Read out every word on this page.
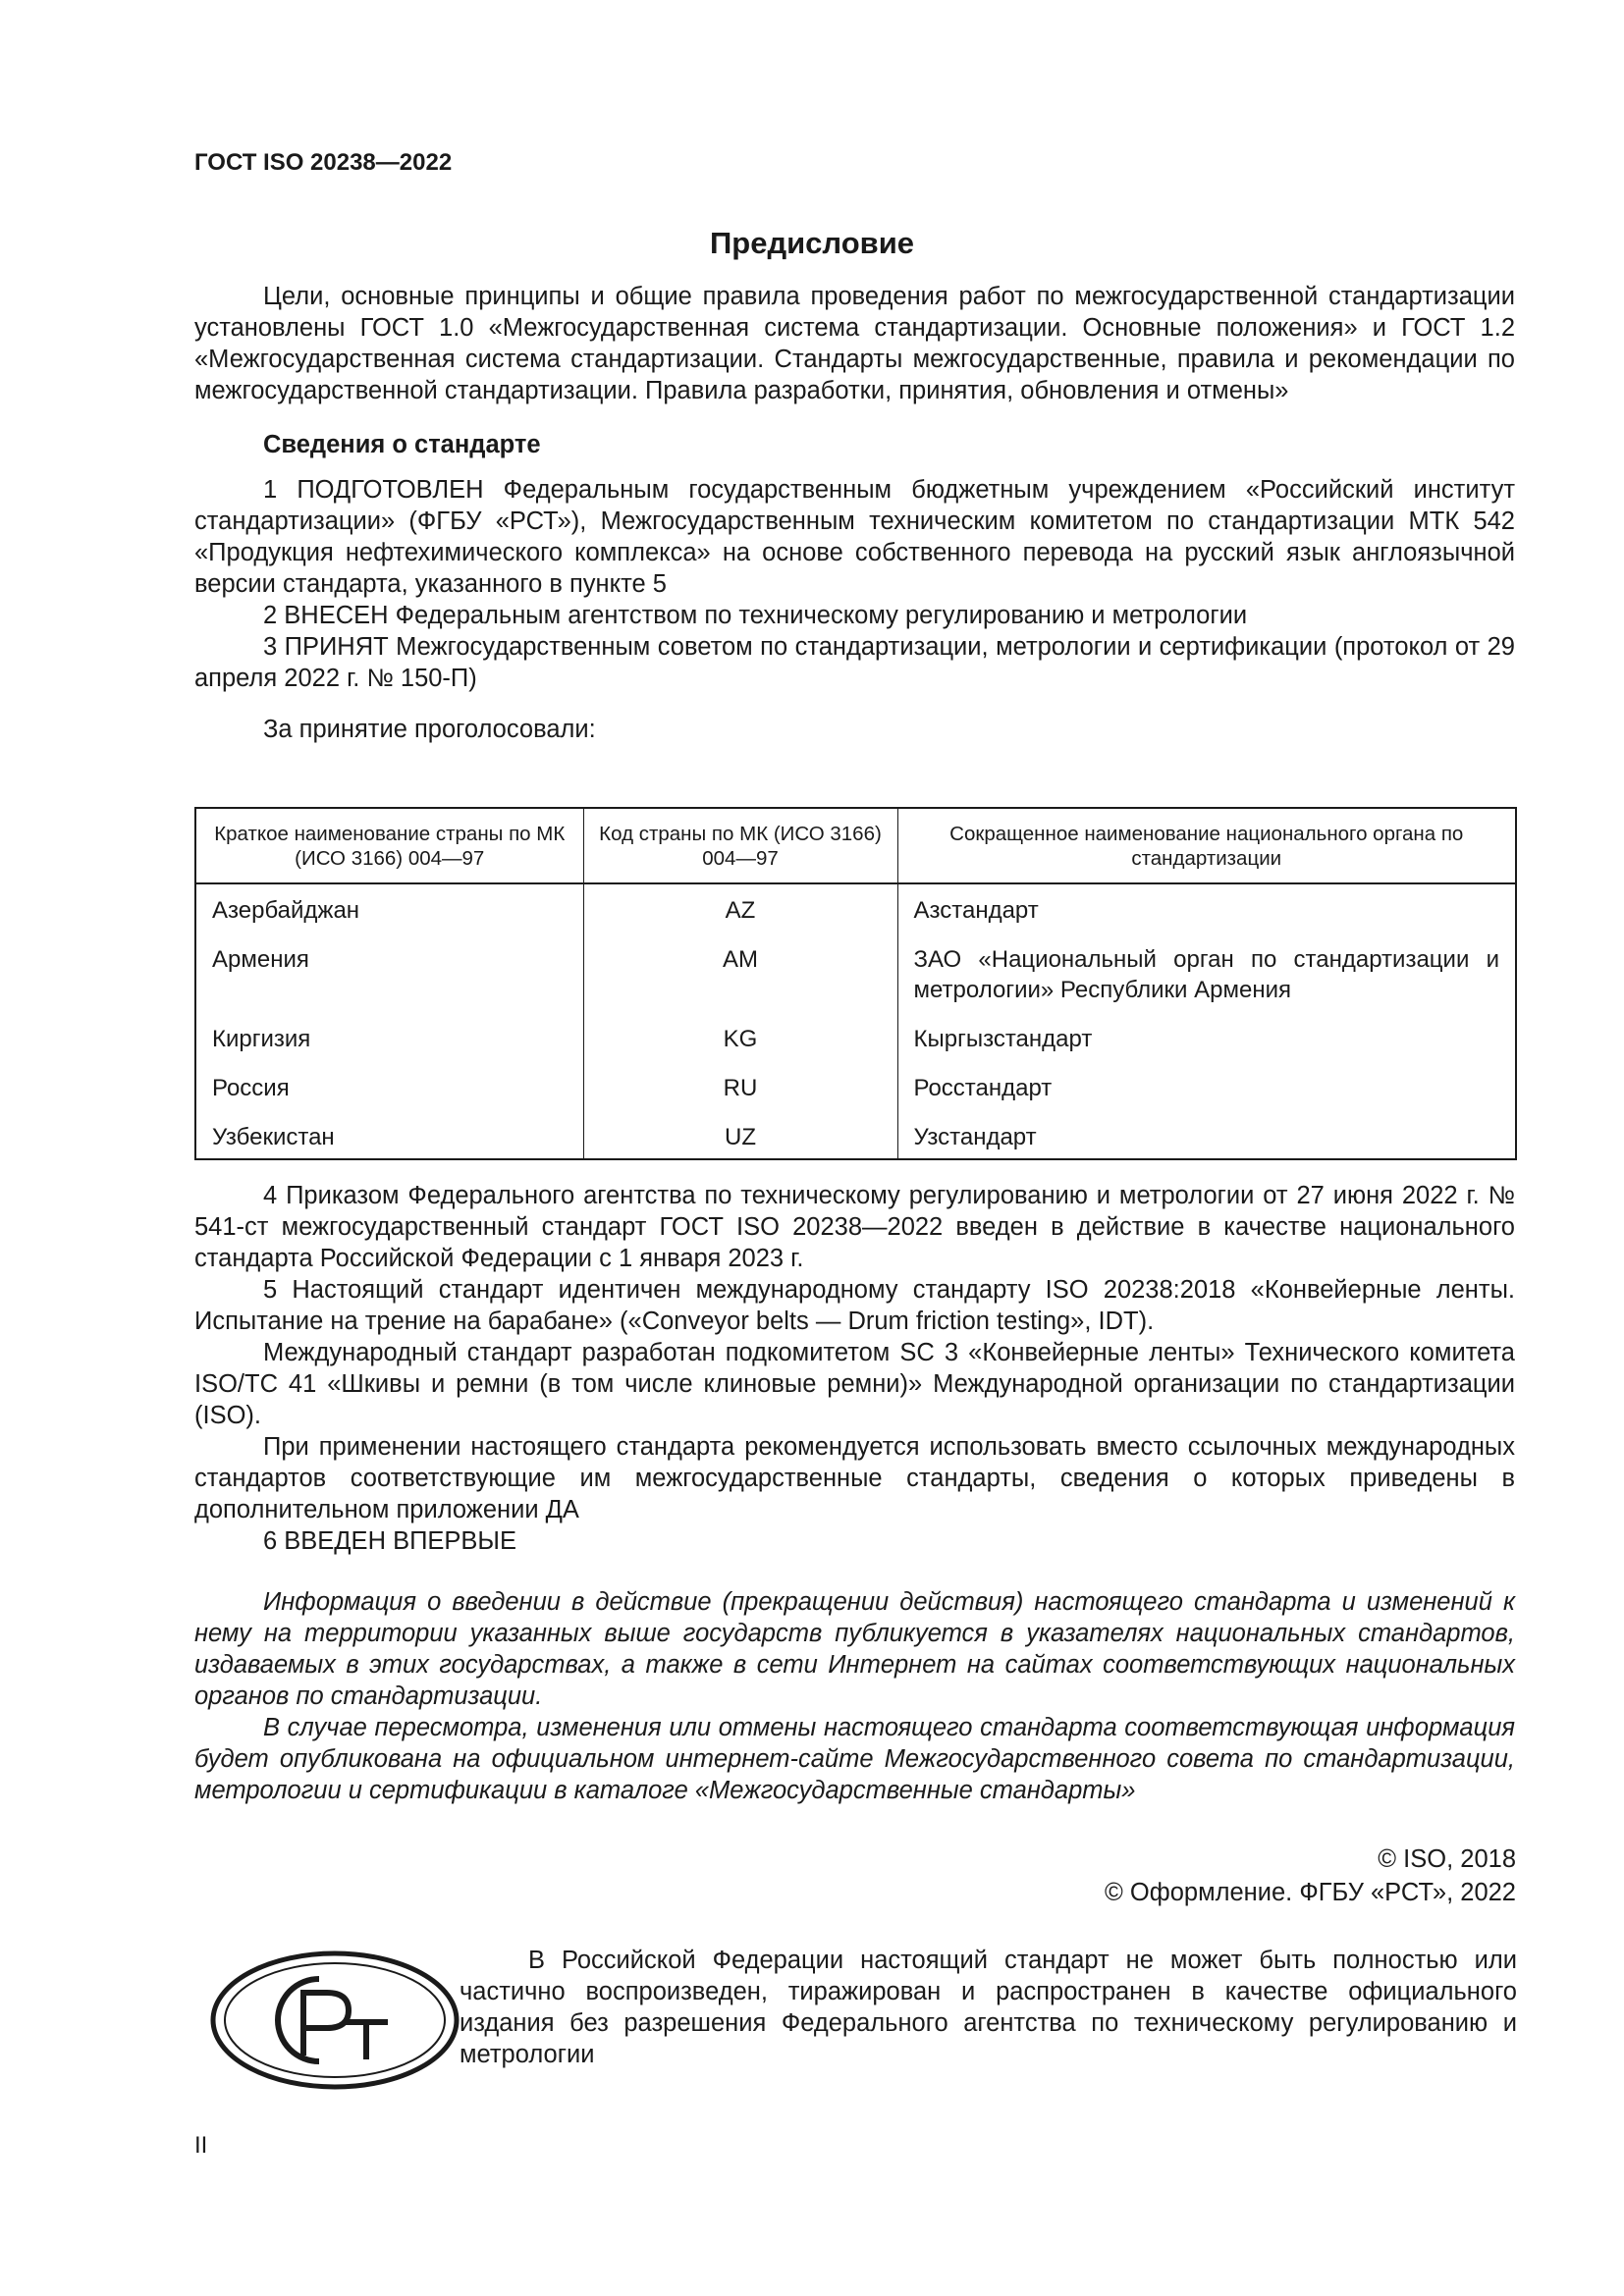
ГОСТ ISO 20238—2022
Предисловие

Цели, основные принципы и общие правила проведения работ по межгосударственной стандартизации установлены ГОСТ 1.0 «Межгосударственная система стандартизации. Основные положения» и ГОСТ 1.2 «Межгосударственная система стандартизации. Стандарты межгосударственные, правила и рекомендации по межгосударственной стандартизации. Правила разработки, принятия, обновления и отмены»

Сведения о стандарте

1 ПОДГОТОВЛЕН Федеральным государственным бюджетным учреждением «Российский институт стандартизации» (ФГБУ «РСТ»), Межгосударственным техническим комитетом по стандартизации МТК 542 «Продукция нефтехимического комплекса» на основе собственного перевода на русский язык англоязычной версии стандарта, указанного в пункте 5

2 ВНЕСЕН Федеральным агентством по техническому регулированию и метрологии

3 ПРИНЯТ Межгосударственным советом по стандартизации, метрологии и сертификации (протокол от 29 апреля 2022 г. № 150-П)

За принятие проголосовали:

Краткое наименование страны по МК (ИСО 3166) 004—97	Код страны по МК (ИСО 3166) 004—97	Сокращенное наименование национального органа по стандартизации
Азербайджан	AZ	Азстандарт
Армения	AM	ЗАО «Национальный орган по стандартизации и метрологии» Республики Армения
Киргизия	KG	Кыргызстандарт
Россия	RU	Росстандарт
Узбекистан	UZ	Узстандарт

4 Приказом Федерального агентства по техническому регулированию и метрологии от 27 июня 2022 г. № 541-ст межгосударственный стандарт ГОСТ ISO 20238—2022 введен в действие в качестве национального стандарта Российской Федерации с 1 января 2023 г.

5 Настоящий стандарт идентичен международному стандарту ISO 20238:2018 «Конвейерные ленты. Испытание на трение на барабане» («Conveyor belts — Drum friction testing», IDT).

Международный стандарт разработан подкомитетом SC 3 «Конвейерные ленты» Технического комитета ISO/TC 41 «Шкивы и ремни (в том числе клиновые ремни)» Международной организации по стандартизации (ISO).

При применении настоящего стандарта рекомендуется использовать вместо ссылочных международных стандартов соответствующие им межгосударственные стандарты, сведения о которых приведены в дополнительном приложении ДА

6 ВВЕДЕН ВПЕРВЫЕ

Информация о введении в действие (прекращении действия) настоящего стандарта и изменений к нему на территории указанных выше государств публикуется в указателях национальных стандартов, издаваемых в этих государствах, а также в сети Интернет на сайтах соответствующих национальных органов по стандартизации.

В случае пересмотра, изменения или отмены настоящего стандарта соответствующая информация будет опубликована на официальном интернет-сайте Межгосударственного совета по стандартизации, метрологии и сертификации в каталоге «Межгосударственные стандарты»

© ISO, 2018
© Оформление. ФГБУ «РСТ», 2022

В Российской Федерации настоящий стандарт не может быть полностью или частично воспроизведен, тиражирован и распространен в качестве официального издания без разрешения Федерального агентства по техническому регулированию и метрологии

II
